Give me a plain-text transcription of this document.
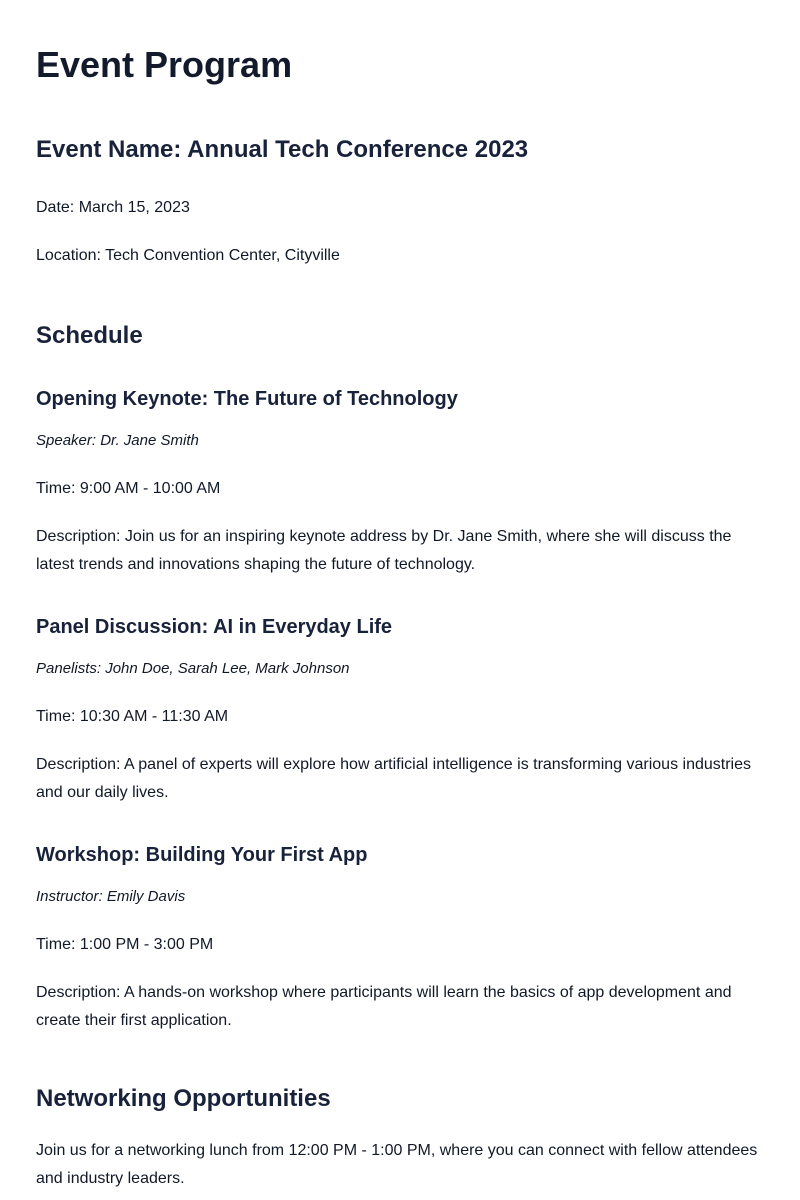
Event Program
Event Name: Annual Tech Conference 2023

Date: March 15, 2023

Location: Tech Convention Center, Cityville

Schedule
Opening Keynote: The Future of Technology

Speaker: Dr. Jane Smith

Time: 9:00 AM - 10:00 AM

Description: Join us for an inspiring keynote address by Dr. Jane Smith, where she will discuss the latest trends and innovations shaping the future of technology.

Panel Discussion: AI in Everyday Life

Panelists: John Doe, Sarah Lee, Mark Johnson

Time: 10:30 AM - 11:30 AM

Description: A panel of experts will explore how artificial intelligence is transforming various industries and our daily lives.

Workshop: Building Your First App

Instructor: Emily Davis

Time: 1:00 PM - 3:00 PM

Description: A hands-on workshop where participants will learn the basics of app development and create their first application.

Networking Opportunities

Join us for a networking lunch from 12:00 PM - 1:00 PM, where you can connect with fellow attendees and industry leaders.
